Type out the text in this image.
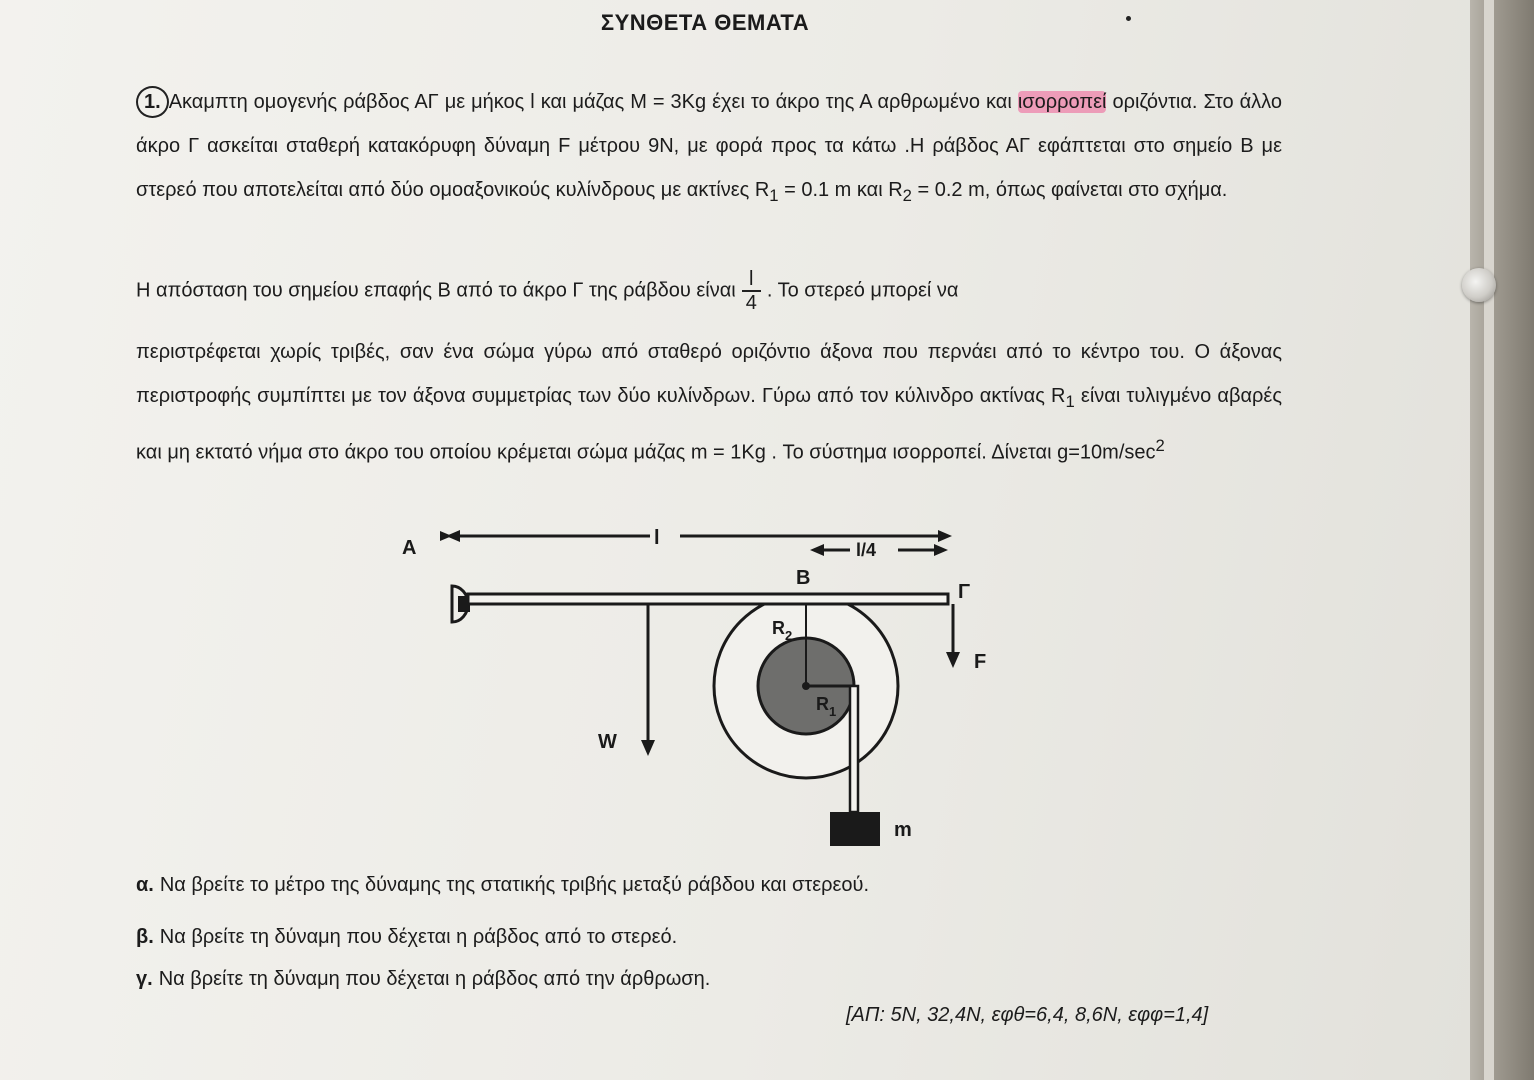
ΣΥΝΘΕΤΑ ΘΕΜΑΤΑ
1. Ακαμπτη ομογενής ράβδος ΑΓ με μήκος l και μάζας M = 3Kg έχει το άκρο της Α αρθρωμένο και ισορροπεί οριζόντια. Στο άλλο άκρο Γ ασκείται σταθερή κατακόρυφη δύναμη F μέτρου 9N, με φορά προς τα κάτω .Η ράβδος ΑΓ εφάπτεται στο σημείο Β με στερεό που αποτελείται από δύο ομοαξονικούς κυλίνδρους με ακτίνες $R_1 = 0.1$ m και $R_2 = 0.2$ m, όπως φαίνεται στο σχήμα.
Η απόσταση του σημείου επαφής Β από το άκρο Γ της ράβδου είναι $\frac{l}{4}$ . Το στερεό μπορεί να
περιστρέφεται χωρίς τριβές, σαν ένα σώμα γύρω από σταθερό οριζόντιο άξονα που περνάει από το κέντρο του. Ο άξονας περιστροφής συμπίπτει με τον άξονα συμμετρίας των δύο κυλίνδρων. Γύρω από τον κύλινδρο ακτίνας $R_1$ είναι τυλιγμένο αβαρές και μη εκτατό νήμα στο άκρο του οποίου κρέμεται σώμα μάζας m = 1Kg . Το σύστημα ισορροπεί. Δίνεται $g=10m/\sec^2$
l
l/4
Α
Β
Γ
$R_2$
$R_1$
m
F
W
α. Να βρείτε το μέτρο της δύναμης της στατικής τριβής μεταξύ ράβδου και στερεού.
β. Να βρείτε τη δύναμη που δέχεται η ράβδος από το στερεό.
γ. Να βρείτε τη δύναμη που δέχεται η ράβδος από την άρθρωση.
[ΑΠ: 5N, 32,4N, εφθ=6,4, 8,6N, εφφ=1,4]
